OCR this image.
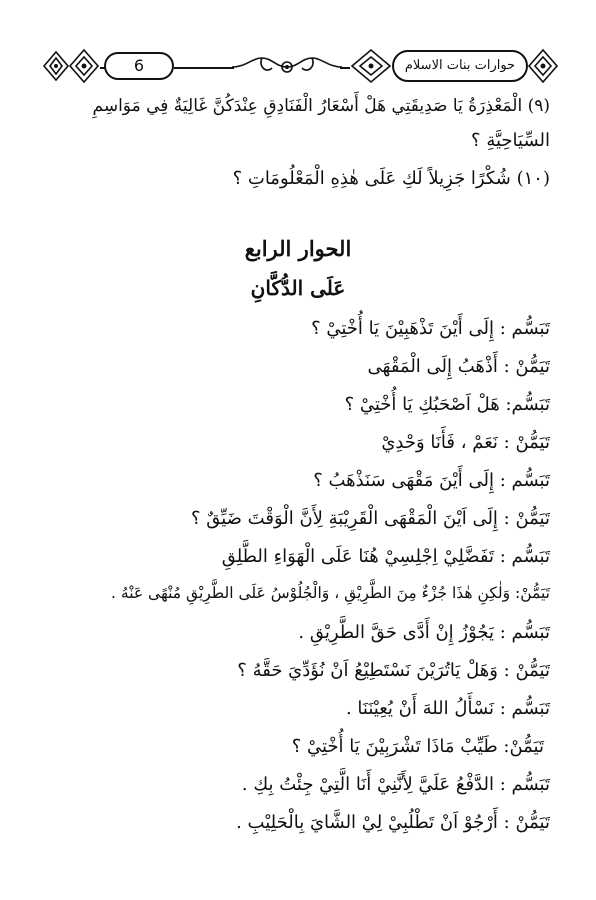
6	حوارات بنات الاسلام
(٩) الْمَعْذِرَةُ يَا صَدِيقَتِي هَلْ أَسْعَارُ الْفَنَادِقِ عِنْدَكُنَّ غَالِيَةٌ فِي مَوَاسِمِ
السِّيَاحِيَّةِ ؟
(١٠) شُكْرًا جَزِيلاً لَكِ عَلَى هٰذِهِ الْمَعْلُومَاتِ ؟
الحوار الرابع
عَلَى الدُّكَّانِ
تَبَسُّم : إِلَى أَيْنَ تَذْهَبِيْنَ يَا أُخْتِيْ ؟
تَيَمُّنْ : أَذْهَبُ إِلَى الْمَقْهَى
تَبَسُّم: هَلْ اَصْحَبُكِ يَا أُخْتِيْ ؟
تَيَمُّنْ : نَعَمْ ، فَأَنَا وَحْدِيْ
تَبَسُّم : إِلَى أَيْنَ مَقْهَى سَنَذْهَبُ ؟
تَيَمُّنْ : إِلَى اَيْنَ الْمَقْهَى الْقَرِيْبَةِ لِأَنَّ الْوَقْتَ ضَيِّقٌ ؟
تَبَسُّم : تَفَضَّلِيْ اِجْلِسِيْ هُنَا عَلَى الْهَوَاءِ الطَّلِقِ
تَيَمُّنْ: وَلٰكِنِ هٰذَا جُزْءٌ مِنَ الطَّرِيْقِ ، وَالْجُلُوْسُ عَلَى الطَّرِيْقِ مُنْهًى عَنْهُ .
تَبَسُّم : يَجُوْزُ إِنْ أَدَّى حَقَّ الطَّرِيْقِ .
تَيَمُّنْ : وَهَلْ يَاتُرَيْنَ نَسْتَطِيْعُ اَنْ نُؤَدِّيَ حَقَّهُ ؟
تَبَسُّم : نَسْأَلُ اللهَ أَنْ يُعِيْنَنَا .
تَيَمُّنْ: طَيِّبْ مَاذَا تَشْرَبِيْنَ يَا أُخْتِيْ ؟
تَبَسُّم : الدَّفْعُ عَلَيَّ لِأَنَّنِيْ أَنَا الَّتِيْ جِئْتُ بِكِ .
تَيَمُّنْ : أَرْجُوْ اَنْ تَطْلُبِيْ لِيْ الشَّايَ بِالْحَلِيْبِ .
